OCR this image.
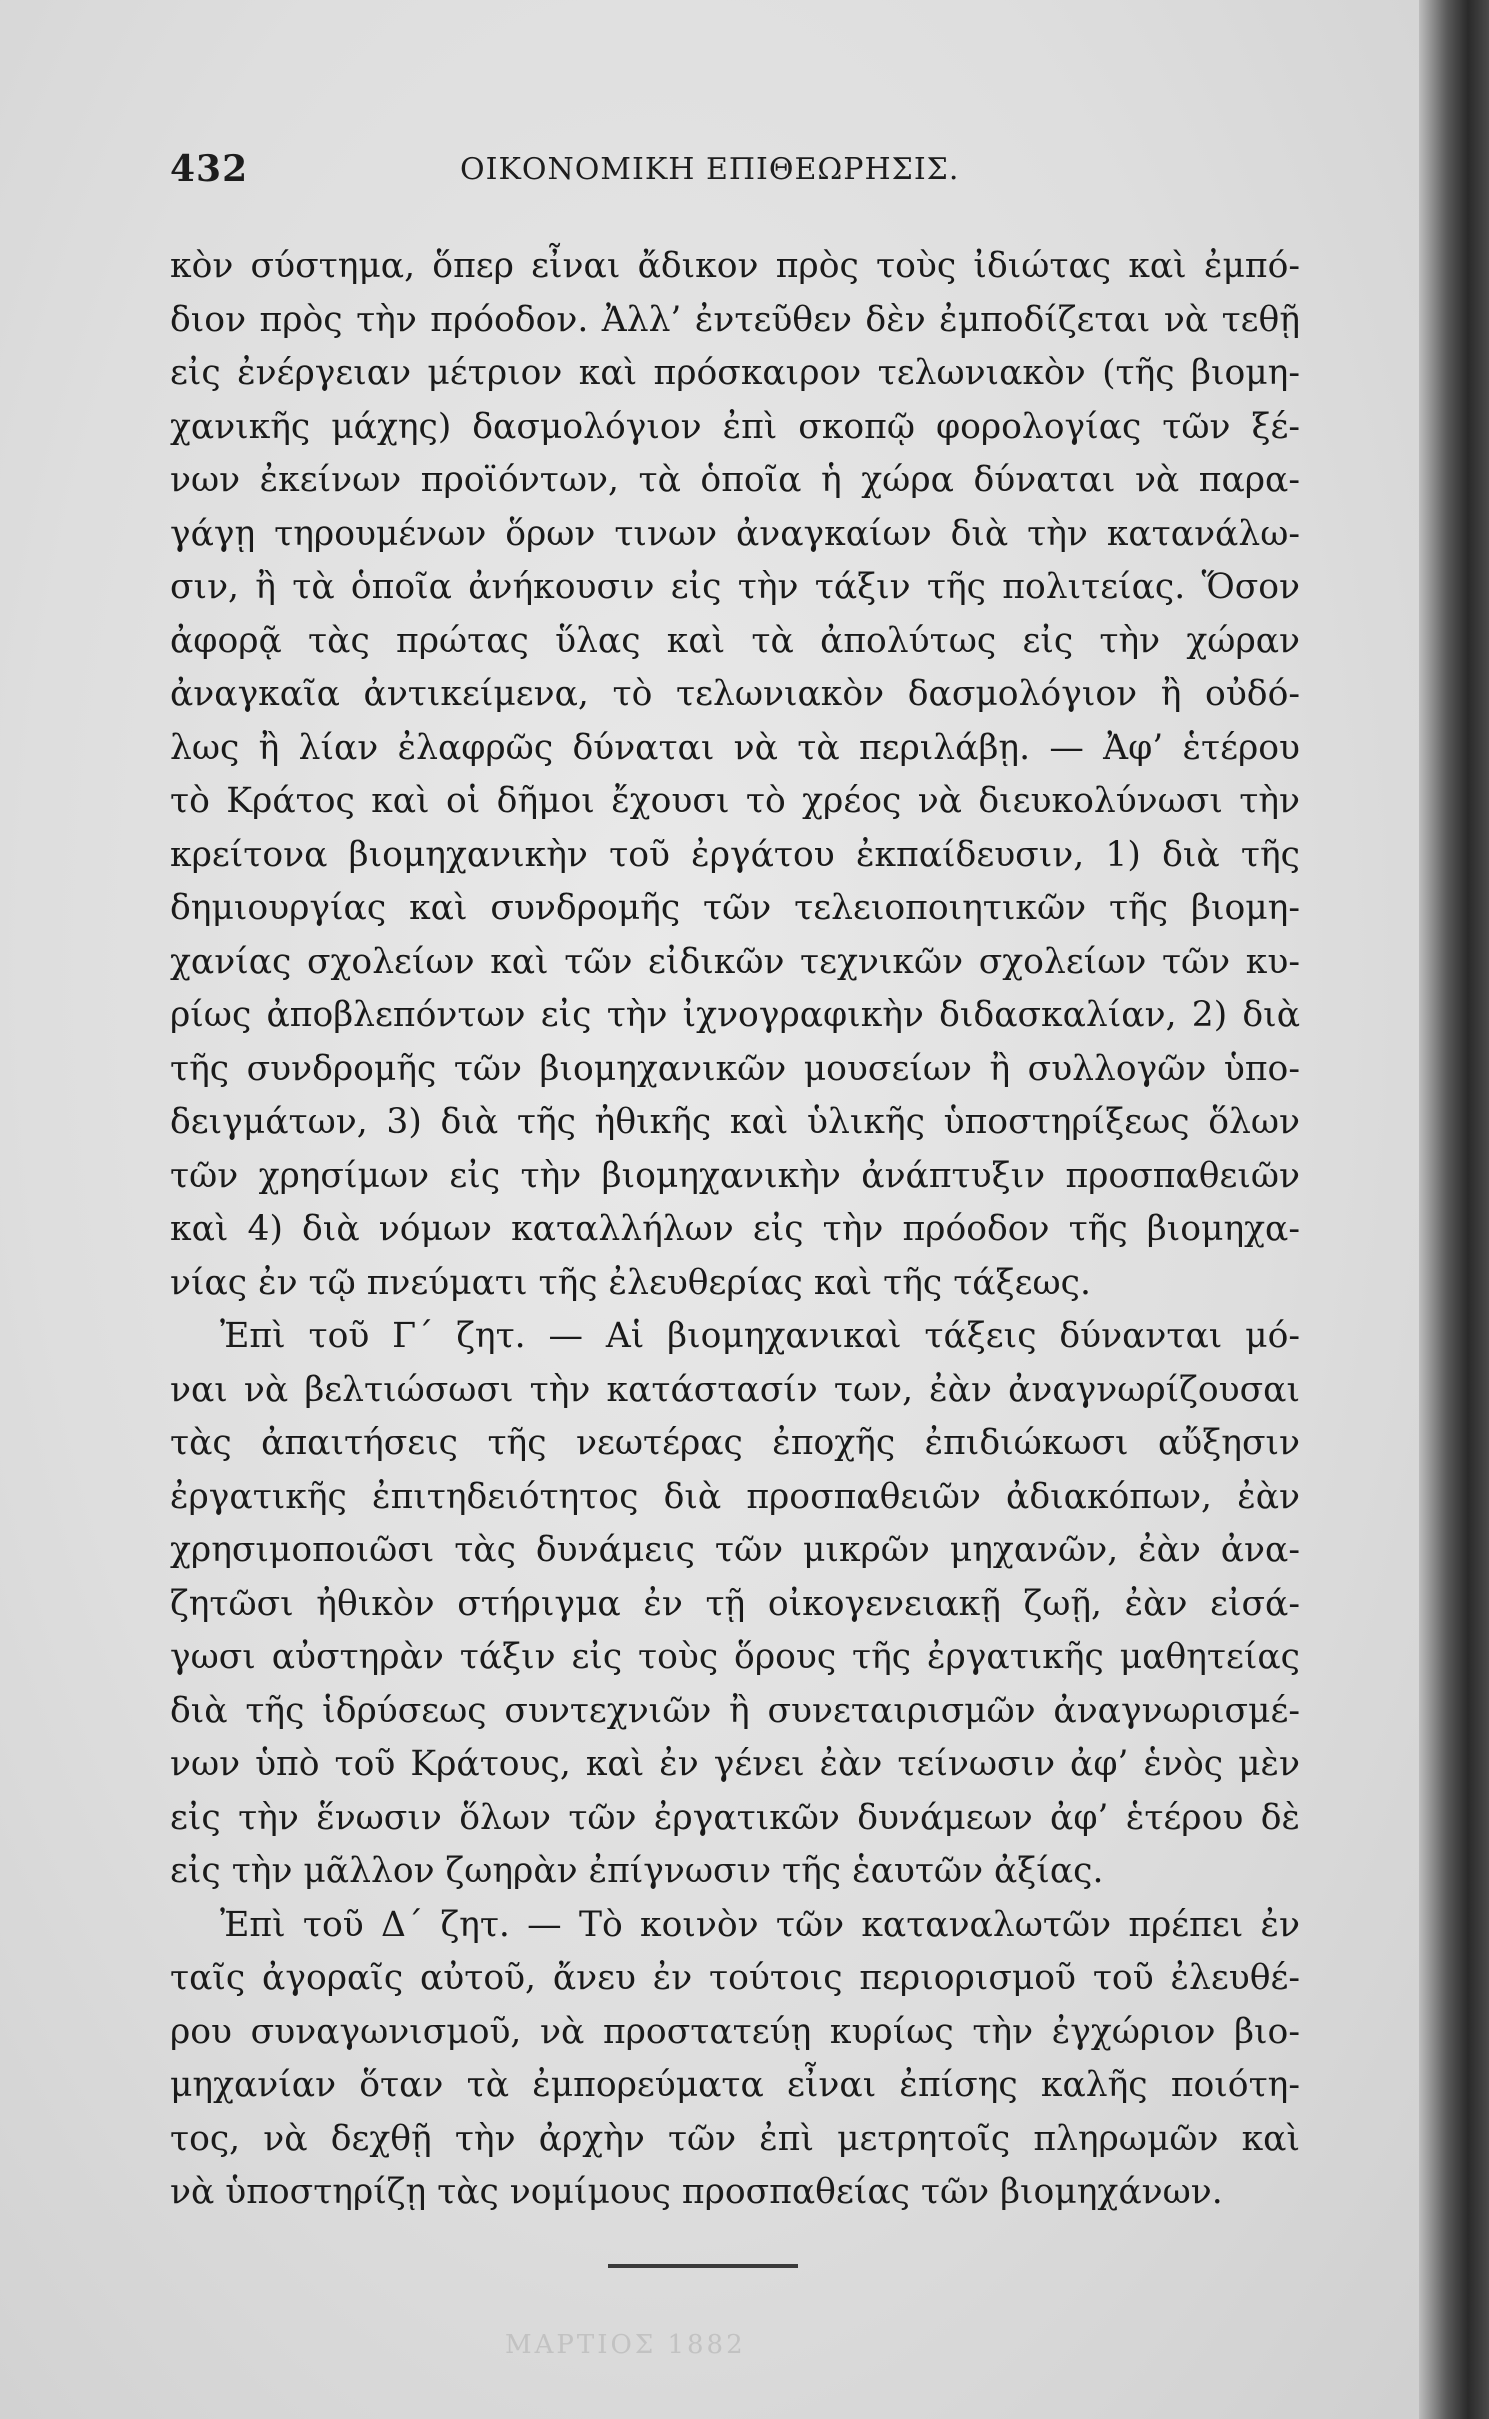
432	ΟΙΚΟΝΟΜΙΚΗ ΕΠΙΘΕΩΡΗΣΙΣ.
κὸν σύστημα, ὅπερ εἶναι ἄδικον πρὸς τοὺς ἰδιώτας καὶ ἐμπό-
διον πρὸς τὴν πρόοδον. Ἀλλ’ ἐντεῦθεν δὲν ἐμποδίζεται νὰ τεθῇ
εἰς ἐνέργειαν μέτριον καὶ πρόσκαιρον τελωνιακὸν (τῆς βιομη-
χανικῆς μάχης) δασμολόγιον ἐπὶ σκοπῷ φορολογίας τῶν ξέ-
νων ἐκείνων προϊόντων, τὰ ὁποῖα ἡ χώρα δύναται νὰ παρα-
γάγῃ τηρουμένων ὅρων τινων ἀναγκαίων διὰ τὴν κατανάλω-
σιν, ἢ τὰ ὁποῖα ἀνήκουσιν εἰς τὴν τάξιν τῆς πολιτείας. Ὅσον
ἀφορᾷ τὰς πρώτας ὕλας καὶ τὰ ἀπολύτως εἰς τὴν χώραν
ἀναγκαῖα ἀντικείμενα, τὸ τελωνιακὸν δασμολόγιον ἢ οὐδό-
λως ἢ λίαν ἐλαφρῶς δύναται νὰ τὰ περιλάβῃ. — Ἀφ’ ἑτέρου
τὸ Κράτος καὶ οἱ δῆμοι ἔχουσι τὸ χρέος νὰ διευκολύνωσι τὴν
κρείτονα βιομηχανικὴν τοῦ ἐργάτου ἐκπαίδευσιν, 1) διὰ τῆς
δημιουργίας καὶ συνδρομῆς τῶν τελειοποιητικῶν τῆς βιομη-
χανίας σχολείων καὶ τῶν εἰδικῶν τεχνικῶν σχολείων τῶν κυ-
ρίως ἀποβλεπόντων εἰς τὴν ἰχνογραφικὴν διδασκαλίαν, 2) διὰ
τῆς συνδρομῆς τῶν βιομηχανικῶν μουσείων ἢ συλλογῶν ὑπο-
δειγμάτων, 3) διὰ τῆς ἠθικῆς καὶ ὑλικῆς ὑποστηρίξεως ὅλων
τῶν χρησίμων εἰς τὴν βιομηχανικὴν ἀνάπτυξιν προσπαθειῶν
καὶ 4) διὰ νόμων καταλλήλων εἰς τὴν πρόοδον τῆς βιομηχα-
νίας ἐν τῷ πνεύματι τῆς ἐλευθερίας καὶ τῆς τάξεως.
Ἐπὶ τοῦ Γ΄ ζητ. — Αἱ βιομηχανικαὶ τάξεις δύνανται μό-
ναι νὰ βελτιώσωσι τὴν κατάστασίν των, ἐὰν ἀναγνωρίζουσαι
τὰς ἀπαιτήσεις τῆς νεωτέρας ἐποχῆς ἐπιδιώκωσι αὔξησιν
ἐργατικῆς ἐπιτηδειότητος διὰ προσπαθειῶν ἀδιακόπων, ἐὰν
χρησιμοποιῶσι τὰς δυνάμεις τῶν μικρῶν μηχανῶν, ἐὰν ἀνα-
ζητῶσι ἠθικὸν στήριγμα ἐν τῇ οἰκογενειακῇ ζωῇ, ἐὰν εἰσά-
γωσι αὐστηρὰν τάξιν εἰς τοὺς ὅρους τῆς ἐργατικῆς μαθητείας
διὰ τῆς ἱδρύσεως συντεχνιῶν ἢ συνεταιρισμῶν ἀναγνωρισμέ-
νων ὑπὸ τοῦ Κράτους, καὶ ἐν γένει ἐὰν τείνωσιν ἀφ’ ἑνὸς μὲν
εἰς τὴν ἕνωσιν ὅλων τῶν ἐργατικῶν δυνάμεων ἀφ’ ἑτέρου δὲ
εἰς τὴν μᾶλλον ζωηρὰν ἐπίγνωσιν τῆς ἑαυτῶν ἀξίας.
Ἐπὶ τοῦ Δ΄ ζητ. — Τὸ κοινὸν τῶν καταναλωτῶν πρέπει ἐν
ταῖς ἀγοραῖς αὐτοῦ, ἄνευ ἐν τούτοις περιορισμοῦ τοῦ ἐλευθέ-
ρου συναγωνισμοῦ, νὰ προστατεύῃ κυρίως τὴν ἐγχώριον βιο-
μηχανίαν ὅταν τὰ ἐμπορεύματα εἶναι ἐπίσης καλῆς ποιότη-
τος, νὰ δεχθῇ τὴν ἀρχὴν τῶν ἐπὶ μετρητοῖς πληρωμῶν καὶ
νὰ ὑποστηρίζῃ τὰς νομίμους προσπαθείας τῶν βιομηχάνων.
ΜΑΡΤΙΟΣ 1882
